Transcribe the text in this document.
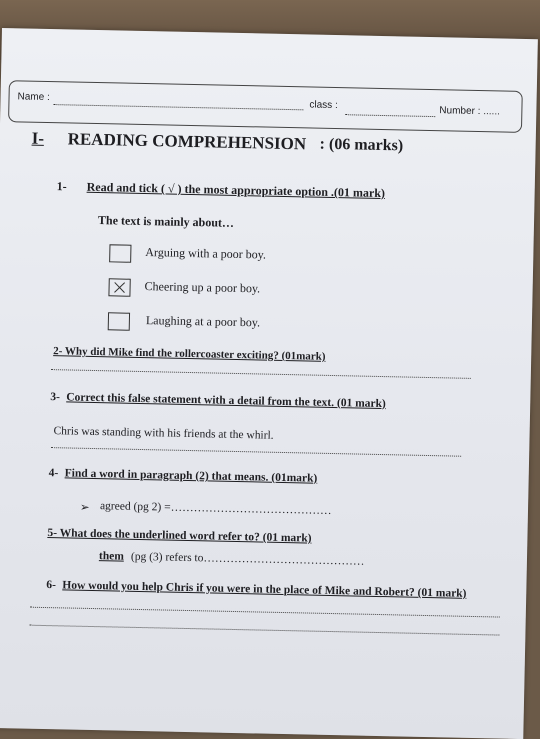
Name :
class :	Number : ......
I- READING COMPREHENSION : (06 marks)
1- Read and tick ( √ ) the most appropriate option .(01 mark)
The text is mainly about…
Arguing with a poor boy.
Cheering up a poor boy.
Laughing at a poor boy.
2- Why did Mike find the rollercoaster exciting? (01mark)
3- Correct this false statement with a detail from the text. (01 mark)
Chris was standing with his friends at the whirl.
4- Find a word in paragraph (2) that means. (01mark)
➢ agreed (pg 2) =……………………………………
5- What does the underlined word refer to? (01 mark)
them (pg (3) refers to……………………………………
6- How would you help Chris if you were in the place of Mike and Robert? (01 mark)
